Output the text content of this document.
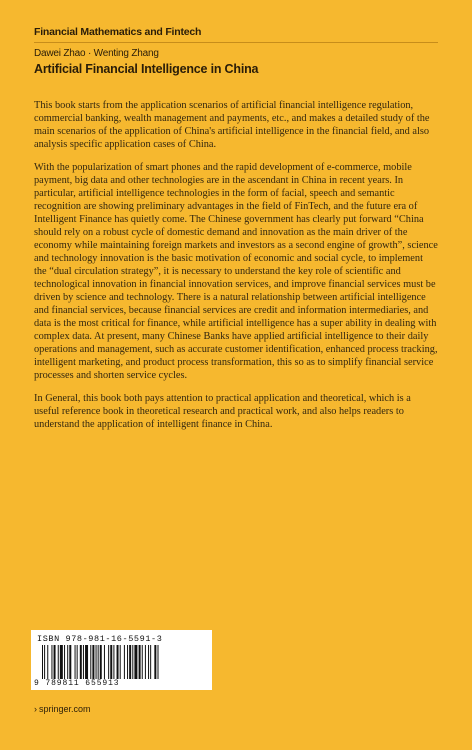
Financial Mathematics and Fintech
Dawei Zhao · Wenting Zhang
Artificial Financial Intelligence in China

This book starts from the application scenarios of artificial financial intelligence regulation, commercial banking, wealth management and payments, etc., and makes a detailed study of the main scenarios of the application of China's artificial intelligence in the financial field, and also analysis specific application cases of China.

With the popularization of smart phones and the rapid development of e-commerce, mobile payment, big data and other technologies are in the ascendant in China in recent years. In particular, artificial intelligence technologies in the form of facial, speech and semantic recognition are showing preliminary advantages in the field of FinTech, and the future era of Intelligent Finance has quietly come. The Chinese government has clearly put forward “China should rely on a robust cycle of domestic demand and innovation as the main driver of the economy while maintaining foreign markets and investors as a second engine of growth”, science and technology innovation is the basic motivation of economic and social cycle, to implement the “dual circulation strategy”, it is necessary to understand the key role of scientific and technological innovation in financial innovation services, and improve financial services must be driven by science and technology. There is a natural relationship between artificial intelligence and financial services, because financial services are credit and information intermediaries, and data is the most critical for finance, while artificial intelligence has a super ability in dealing with complex data. At present, many Chinese Banks have applied artificial intelligence to their daily operations and management, such as accurate customer identification, enhanced process tracking, intelligent marketing, and product process transformation, this so as to simplify financial service processes and shorten service cycles.

In General, this book both pays attention to practical application and theoretical, which is a useful reference book in theoretical research and practical work, and also helps readers to understand the application of intelligent finance in China.

ISBN 978-981-16-5591-3
9 789811 655913
› springer.com
